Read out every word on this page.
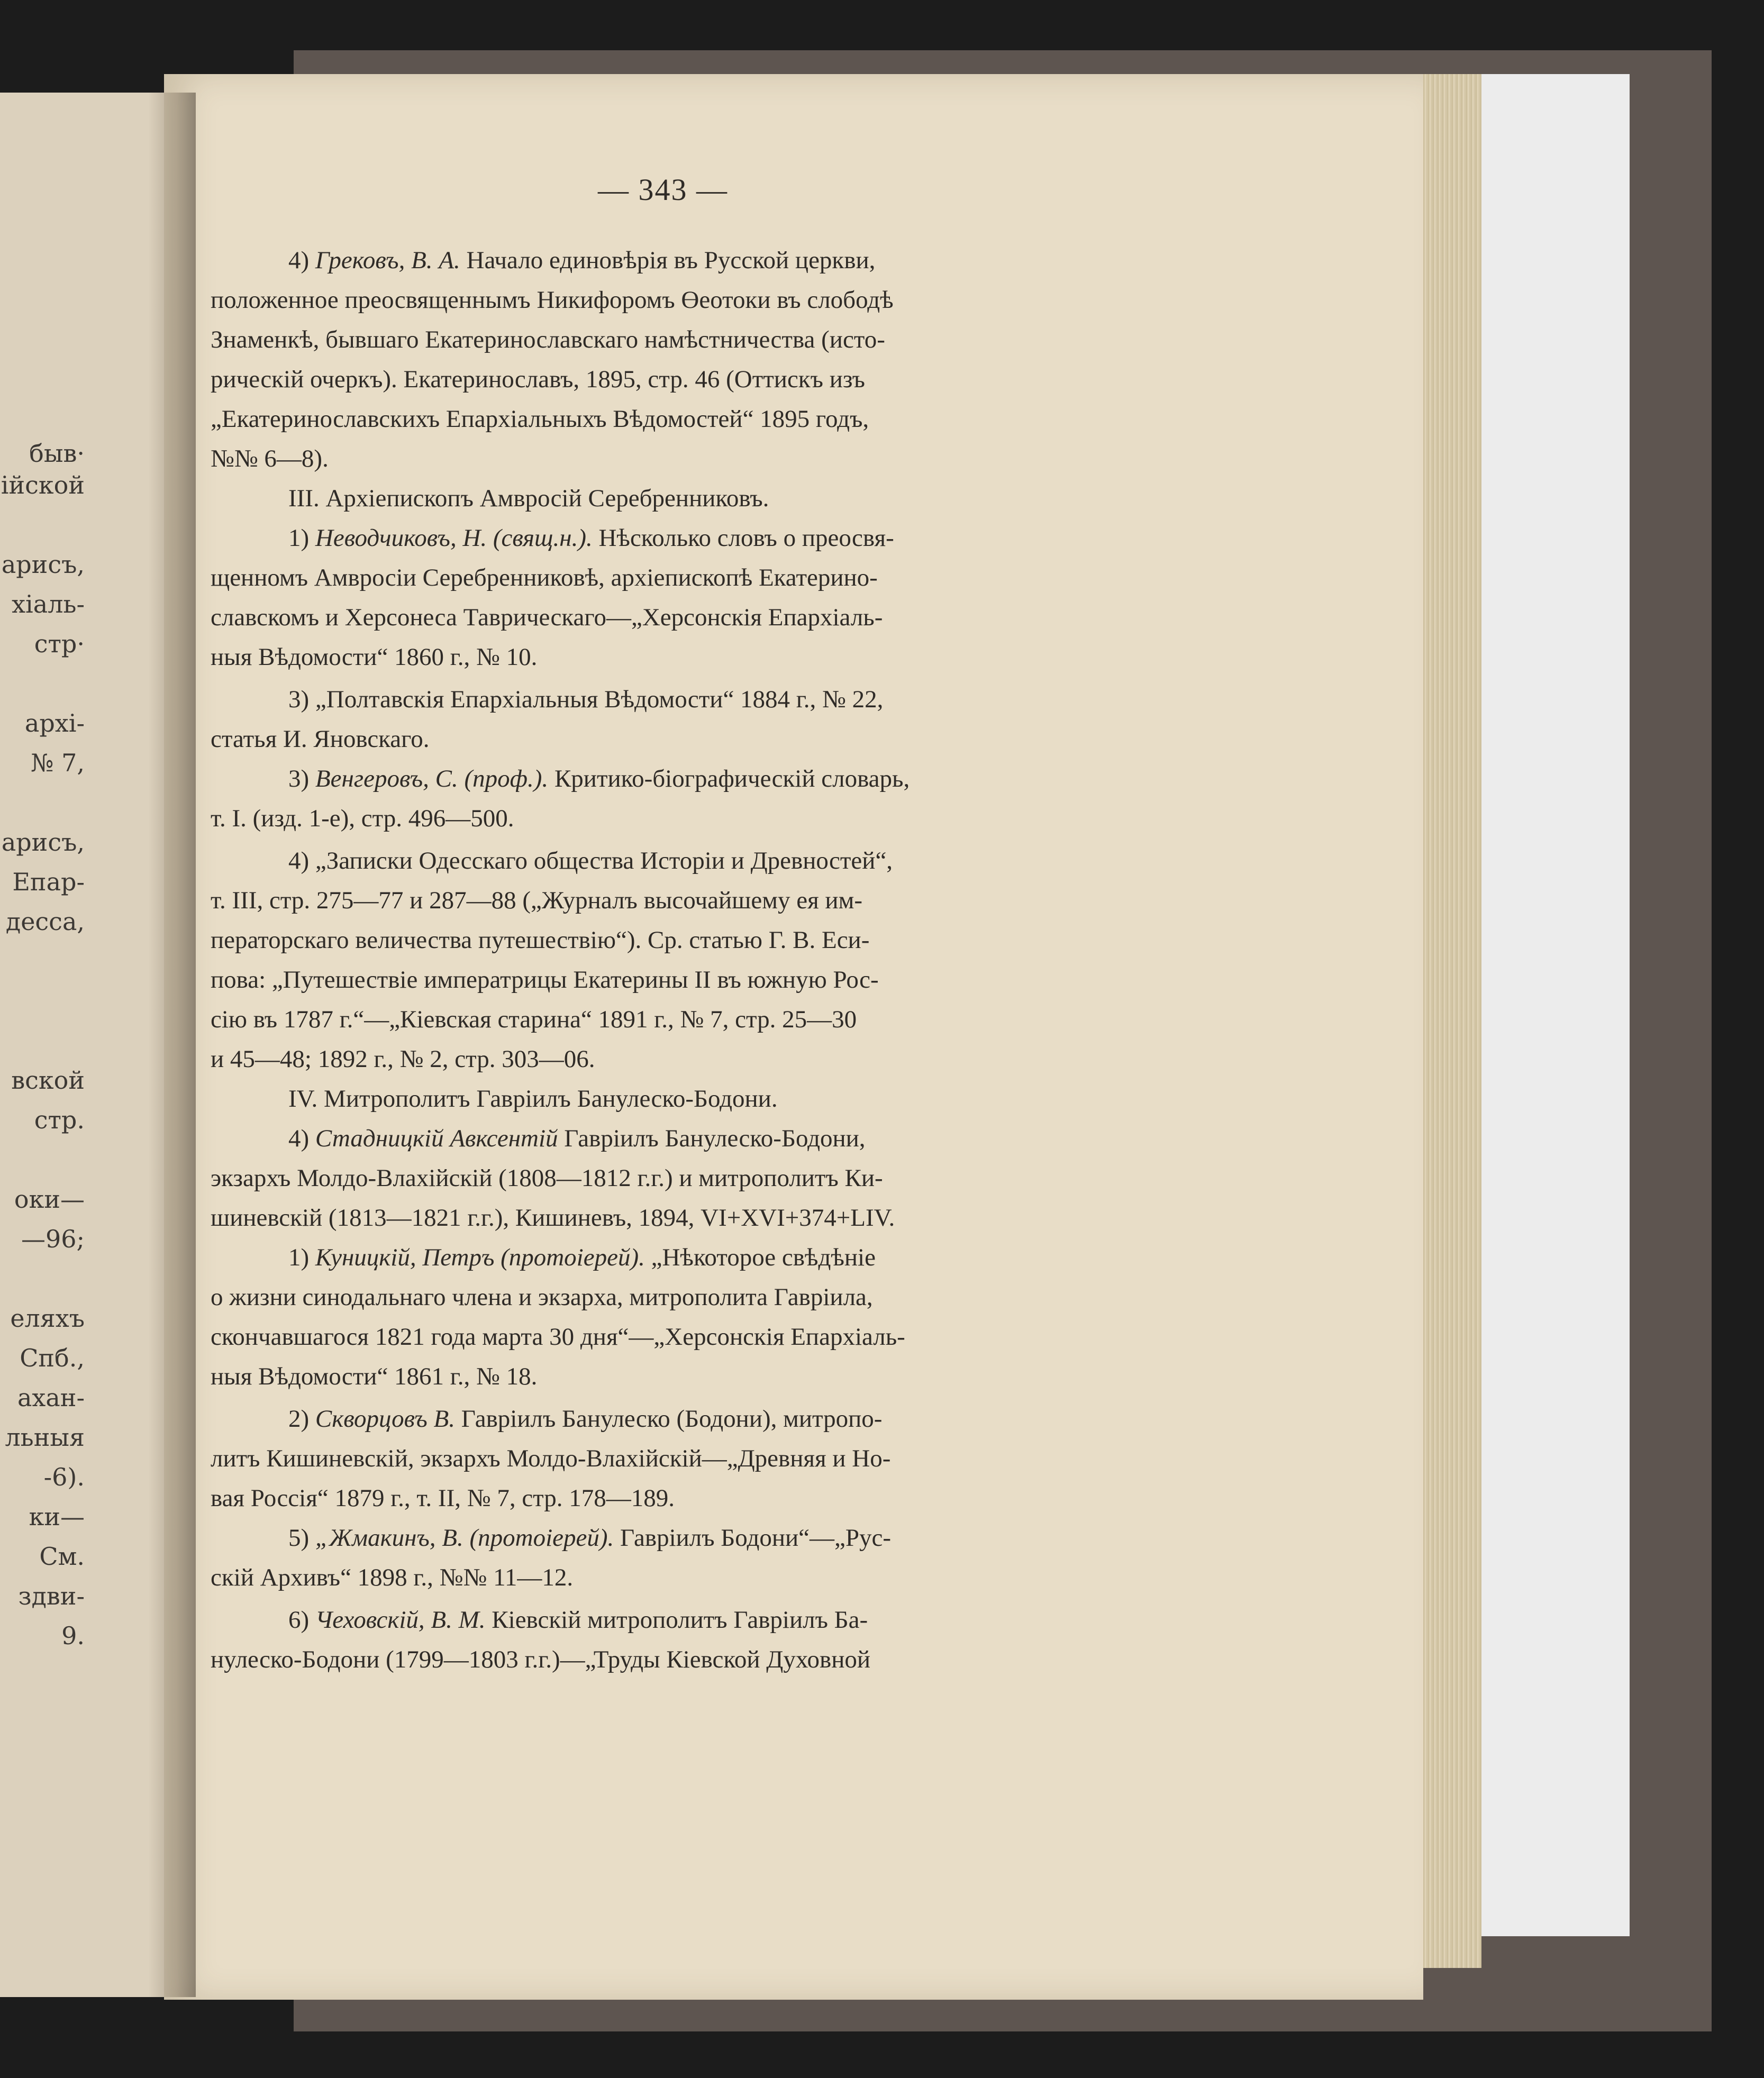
быв·
ійской
арисъ,
хіаль-
стр·
архі-
№ 7,
арисъ,
Епар-
десса,
вской
стр.
оки—
—96;
еляхъ
Спб.,
ахан-
льныя
-6).
ки—
См.
здви-
9.
— 343 —
4) Грековъ, В. А. Начало единовѣрія въ Русской церкви,
положенное преосвященнымъ Никифоромъ Өеотоки въ слободѣ
Знаменкѣ, бывшаго Екатеринославскаго намѣстничества (исто-
рическій очеркъ). Екатеринославъ, 1895, стр. 46 (Оттискъ изъ
„Екатеринославскихъ Епархіальныхъ Вѣдомостей“ 1895 годъ,
№№ 6—8).
III. Архіепископъ Амвросій Серебренниковъ.
1) Неводчиковъ, Н. (свящ.н.). Нѣсколько словъ о преосвя-
щенномъ Амвросіи Серебренниковѣ, архіепископѣ Екатерино-
славскомъ и Херсонеса Таврическаго—„Херсонскія Епархіаль-
ныя Вѣдомости“ 1860 г., № 10.
3) „Полтавскія Епархіальныя Вѣдомости“ 1884 г., № 22,
статья И. Яновскаго.
3) Венгеровъ, С. (проф.). Критико-біографическій словарь,
т. I. (изд. 1-е), стр. 496—500.
4) „Записки Одесскаго общества Исторіи и Древностей“,
т. III, стр. 275—77 и 287—88 („Журналъ высочайшему ея им-
ператорскаго величества путешествію“). Ср. статью Г. В. Еси-
пова: „Путешествіе императрицы Екатерины II въ южную Рос-
сію въ 1787 г.“—„Кіевская старина“ 1891 г., № 7, стр. 25—30
и 45—48; 1892 г., № 2, стр. 303—06.
IV. Митрополитъ Гавріилъ Банулеско-Бодони.
4) Стадницкій Авксентій Гавріилъ Банулеско-Бодони,
экзархъ Молдо-Влахійскій (1808—1812 г.г.) и митрополитъ Ки-
шиневскій (1813—1821 г.г.), Кишиневъ, 1894, VI+XVI+374+LIV.
1) Куницкій, Петръ (протоіерей). „Нѣкоторое свѣдѣніе
о жизни синодальнаго члена и экзарха, митрополита Гавріила,
скончавшагося 1821 года марта 30 дня“—„Херсонскія Епархіаль-
ныя Вѣдомости“ 1861 г., № 18.
2) Скворцовъ В. Гавріилъ Банулеско (Бодони), митропо-
литъ Кишиневскій, экзархъ Молдо-Влахійскій—„Древняя и Но-
вая Россія“ 1879 г., т. II, № 7, стр. 178—189.
5) „Жмакинъ, В. (протоіерей). Гавріилъ Бодони“—„Рус-
скій Архивъ“ 1898 г., №№ 11—12.
6) Чеховскій, В. М. Кіевскій митрополитъ Гавріилъ Ба-
нулеско-Бодони (1799—1803 г.г.)—„Труды Кіевской Духовной
